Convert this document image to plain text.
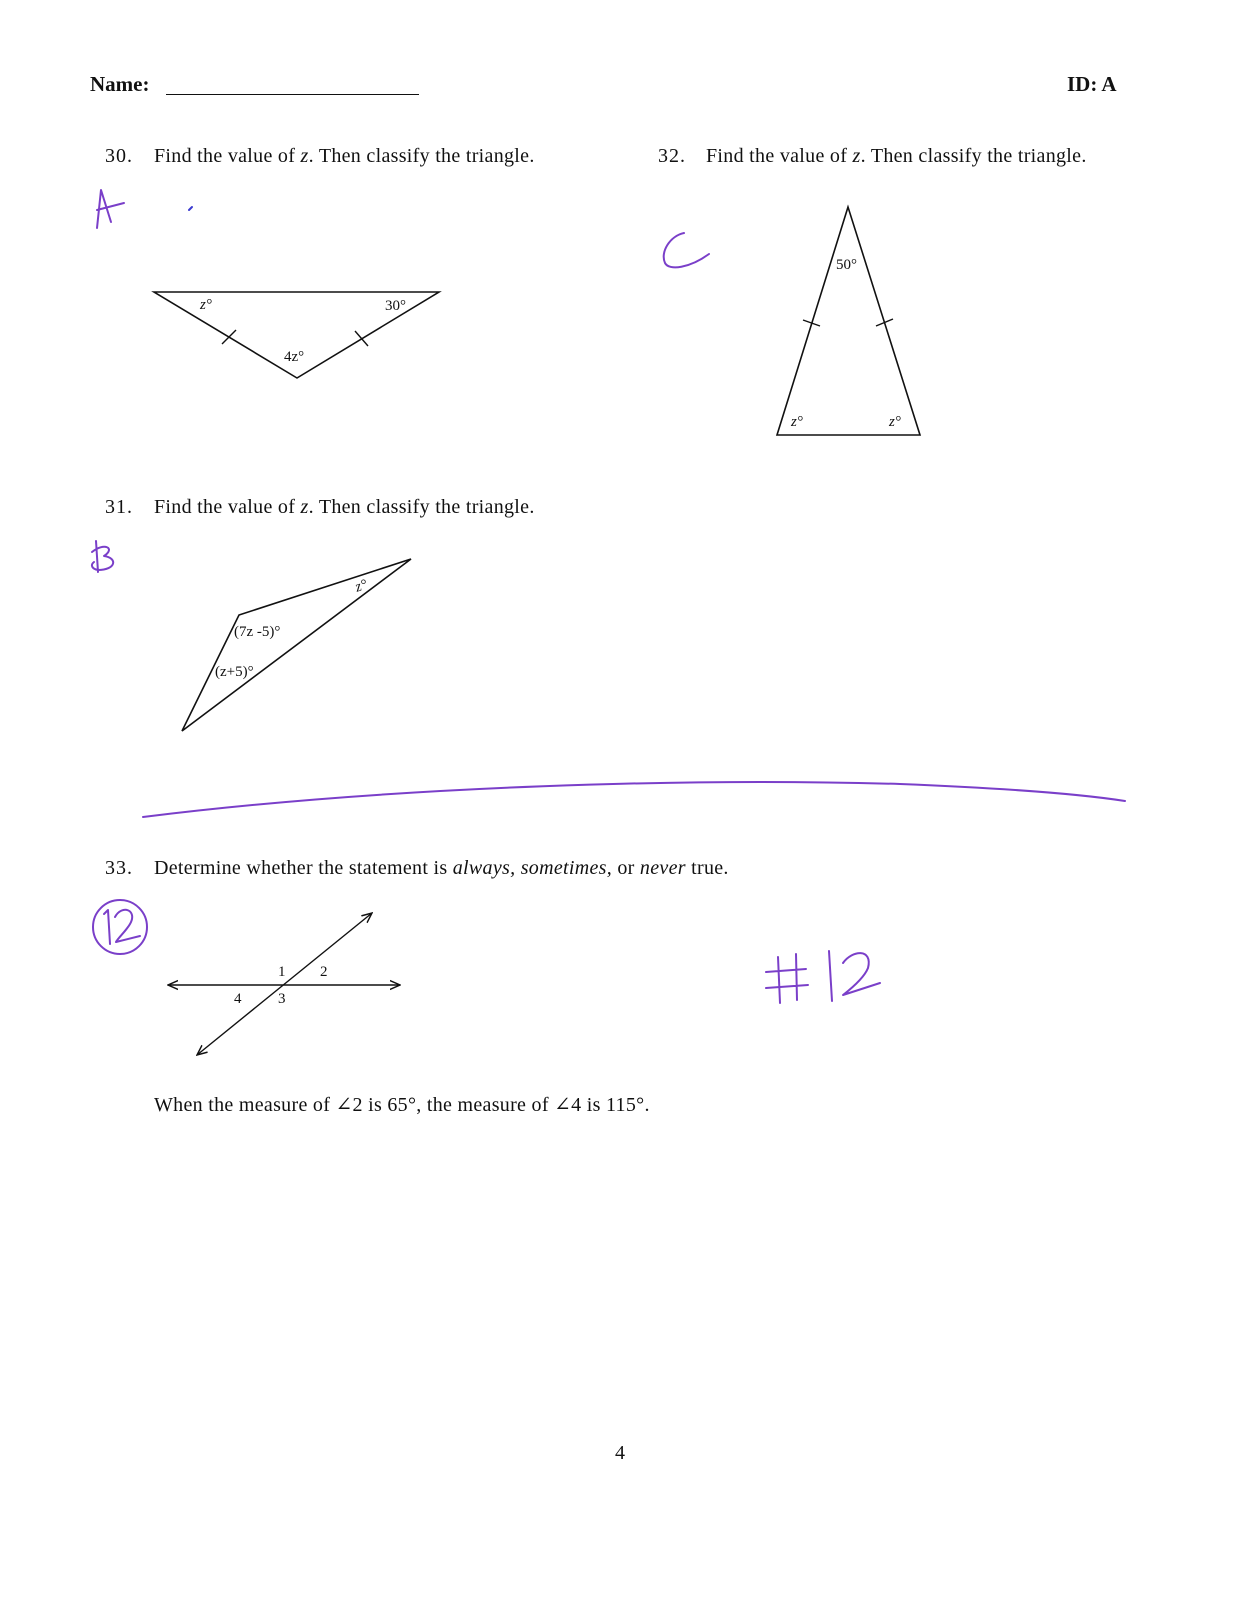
Name:	ID: A
30. Find the value of z. Then classify the triangle.
z°	30°
4z°
32. Find the value of z. Then classify the triangle.
50°
z°	z°
31. Find the value of z. Then classify the triangle.
z°
(7z -5)°
(z+5)°
33. Determine whether the statement is always, sometimes, or never true.
1 2
3
4
When the measure of ∠2 is 65°, the measure of ∠4 is 115°.
4
